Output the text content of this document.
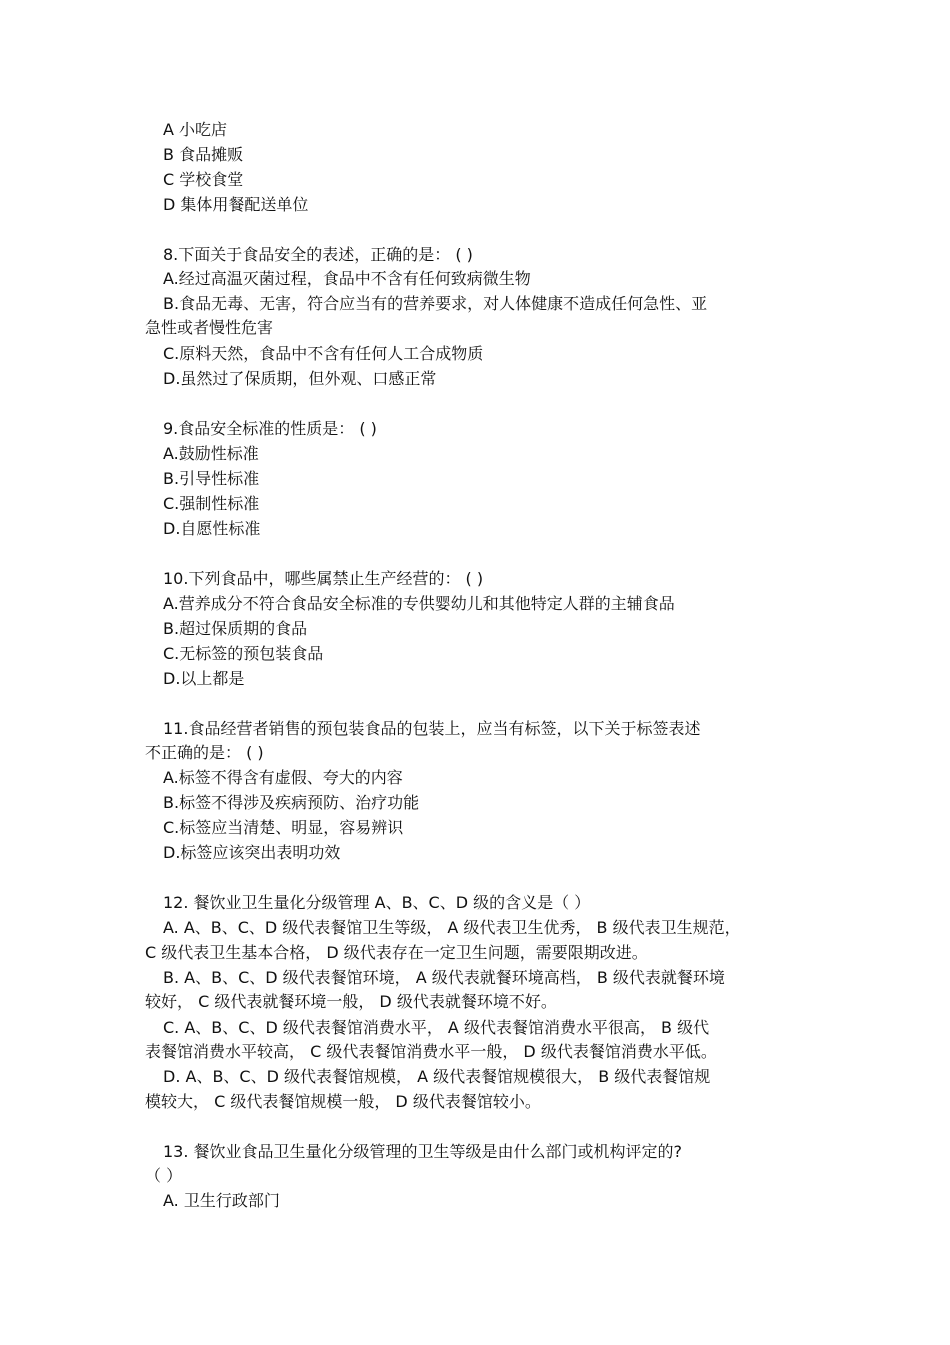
A 小吃店

B 食品摊贩

C 学校食堂

D 集体用餐配送单位

8.下面关于食品安全的表述，正确的是： ( )

A.经过高温灭菌过程，食品中不含有任何致病微生物

B.食品无毒、无害，符合应当有的营养要求，对人体健康不造成任何急性、亚

急性或者慢性危害

C.原料天然，食品中不含有任何人工合成物质

D.虽然过了保质期，但外观、口感正常

9.食品安全标准的性质是： ( )

A.鼓励性标准

B.引导性标准

C.强制性标准

D.自愿性标准

10.下列食品中，哪些属禁止生产经营的： ( )

A.营养成分不符合食品安全标准的专供婴幼儿和其他特定人群的主辅食品

B.超过保质期的食品

C.无标签的预包装食品

D.以上都是

11.食品经营者销售的预包装食品的包装上，应当有标签，以下关于标签表述

不正确的是： ( )

A.标签不得含有虚假、夸大的内容

B.标签不得涉及疾病预防、治疗功能

C.标签应当清楚、明显，容易辨识

D.标签应该突出表明功效

12. 餐饮业卫生量化分级管理 A、B、C、D 级的含义是（ ）

A. A、B、C、D 级代表餐馆卫生等级， A 级代表卫生优秀， B 级代表卫生规范，

C 级代表卫生基本合格， D 级代表存在一定卫生问题，需要限期改进。

B. A、B、C、D 级代表餐馆环境， A 级代表就餐环境高档， B 级代表就餐环境

较好， C 级代表就餐环境一般， D 级代表就餐环境不好。

C. A、B、C、D 级代表餐馆消费水平， A 级代表餐馆消费水平很高， B 级代

表餐馆消费水平较高， C 级代表餐馆消费水平一般， D 级代表餐馆消费水平低。

D. A、B、C、D 级代表餐馆规模， A 级代表餐馆规模很大， B 级代表餐馆规

模较大， C 级代表餐馆规模一般， D 级代表餐馆较小。

13. 餐饮业食品卫生量化分级管理的卫生等级是由什么部门或机构评定的?

（ ）

A. 卫生行政部门
